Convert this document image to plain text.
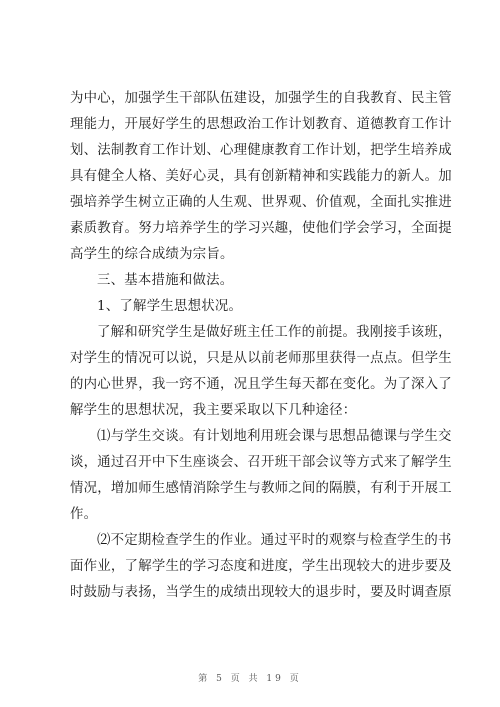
为中心，加强学生干部队伍建设，加强学生的自我教育、民主管
理能力，开展好学生的思想政治工作计划教育、道德教育工作计
划、法制教育工作计划、心理健康教育工作计划，把学生培养成
具有健全人格、美好心灵，具有创新精神和实践能力的新人。加
强培养学生树立正确的人生观、世界观、价值观，全面扎实推进
素质教育。努力培养学生的学习兴趣，使他们学会学习，全面提
高学生的综合成绩为宗旨。
三、基本措施和做法。
1、了解学生思想状况。
了解和研究学生是做好班主任工作的前提。我刚接手该班，
对学生的情况可以说，只是从以前老师那里获得一点点。但学生
的内心世界，我一窍不通，况且学生每天都在变化。为了深入了
解学生的思想状况，我主要采取以下几种途径：
⑴与学生交谈。有计划地利用班会课与思想品德课与学生交
谈，通过召开中下生座谈会、召开班干部会议等方式来了解学生
情况，增加师生感情消除学生与教师之间的隔膜，有利于开展工
作。
⑵不定期检查学生的作业。通过平时的观察与检查学生的书
面作业，了解学生的学习态度和进度，学生出现较大的进步要及
时鼓励与表扬，当学生的成绩出现较大的退步时，要及时调查原
第 5 页 共 19 页
